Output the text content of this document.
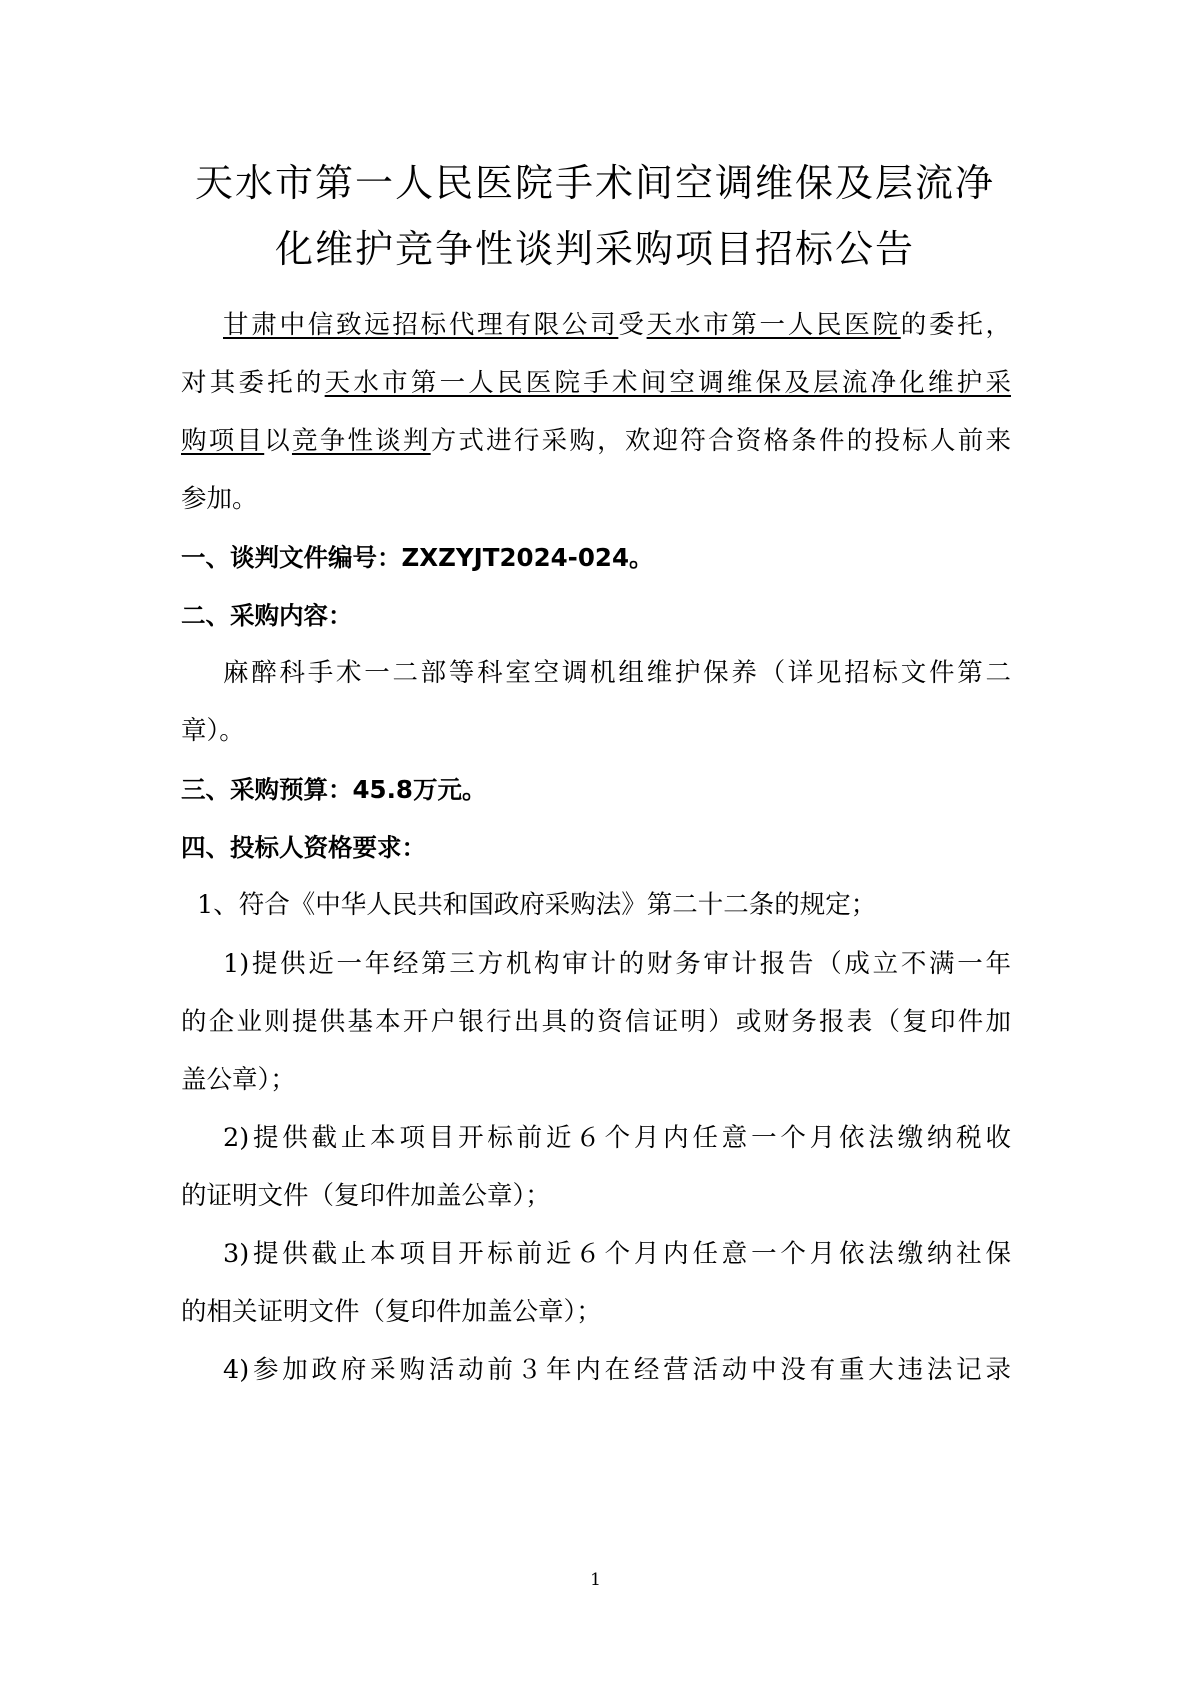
天水市第一人民医院手术间空调维保及层流净
化维护竞争性谈判采购项目招标公告
甘肃中信致远招标代理有限公司受天水市第一人民医院的委托，
对其委托的天水市第一人民医院手术间空调维保及层流净化维护采
购项目以竞争性谈判方式进行采购，欢迎符合资格条件的投标人前来
参加。
一、谈判文件编号：ZXZYJT2024-024。
二、采购内容：
麻醉科手术一二部等科室空调机组维护保养（详见招标文件第二
章）。
三、采购预算：45.8万元。
四、投标人资格要求：
1、符合《中华人民共和国政府采购法》第二十二条的规定；
1)提供近一年经第三方机构审计的财务审计报告（成立不满一年
的企业则提供基本开户银行出具的资信证明）或财务报表（复印件加
盖公章）；
2)提供截止本项目开标前近６个月内任意一个月依法缴纳税收
的证明文件（复印件加盖公章）；
3)提供截止本项目开标前近６个月内任意一个月依法缴纳社保
的相关证明文件（复印件加盖公章）；
4)参加政府采购活动前３年内在经营活动中没有重大违法记录
1
